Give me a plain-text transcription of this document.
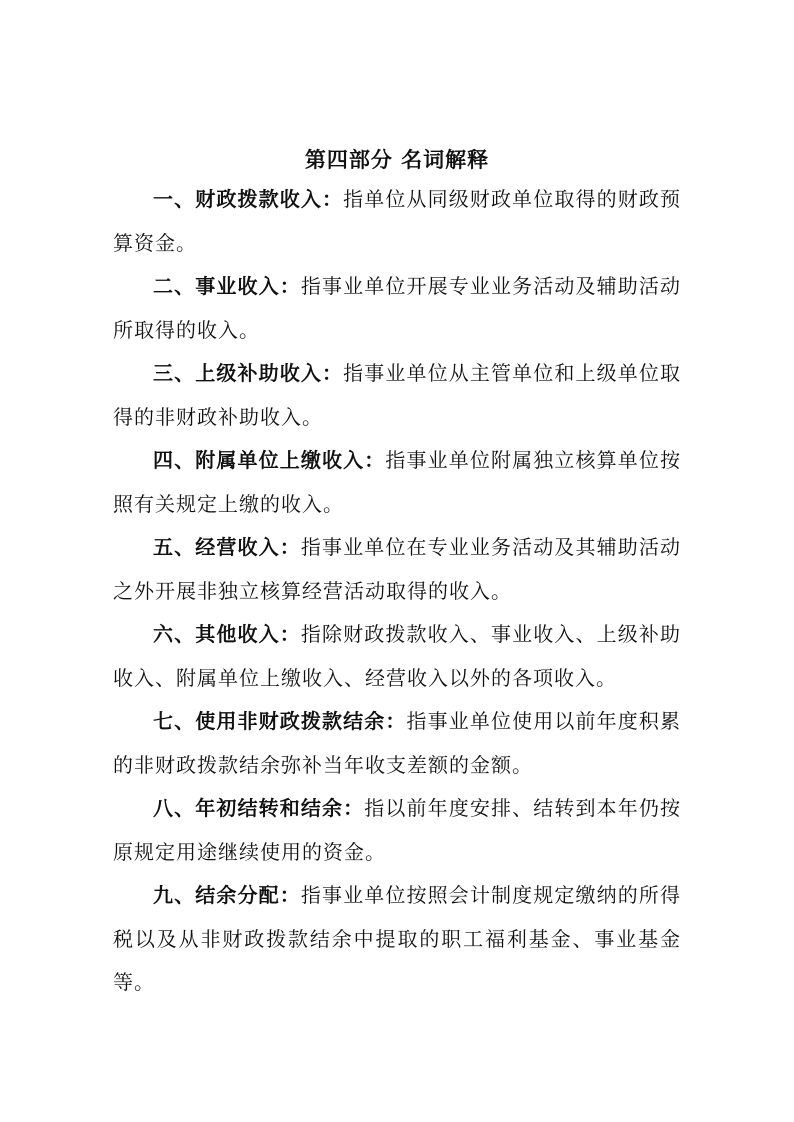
第四部分 名词解释

一、财政拨款收入：指单位从同级财政单位取得的财政预算资金。

二、事业收入：指事业单位开展专业业务活动及辅助活动所取得的收入。

三、上级补助收入：指事业单位从主管单位和上级单位取得的非财政补助收入。

四、附属单位上缴收入：指事业单位附属独立核算单位按照有关规定上缴的收入。

五、经营收入：指事业单位在专业业务活动及其辅助活动之外开展非独立核算经营活动取得的收入。

六、其他收入：指除财政拨款收入、事业收入、上级补助收入、附属单位上缴收入、经营收入以外的各项收入。

七、使用非财政拨款结余：指事业单位使用以前年度积累的非财政拨款结余弥补当年收支差额的金额。

八、年初结转和结余：指以前年度安排、结转到本年仍按原规定用途继续使用的资金。

九、结余分配：指事业单位按照会计制度规定缴纳的所得税以及从非财政拨款结余中提取的职工福利基金、事业基金等。
